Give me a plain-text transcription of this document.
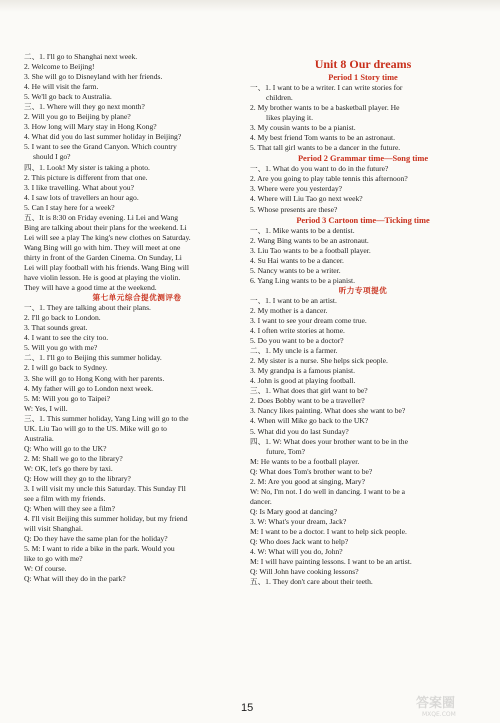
二、1. I'll go to Shanghai next week.
2. Welcome to Beijing!
3. She will go to Disneyland with her friends.
4. He will visit the farm.
5. We'll go back to Australia.
三、1. Where will they go next month?
2. Will you go to Beijing by plane?
3. How long will Mary stay in Hong Kong?
4. What did you do last summer holiday in Beijing?
5. I want to see the Grand Canyon. Which country
should I go?
四、1. Look! My sister is taking a photo.
2. This picture is different from that one.
3. I like travelling. What about you?
4. I saw lots of travellers an hour ago.
5. Can I stay here for a week?
五、It is 8:30 on Friday evening. Li Lei and Wang
Bing are talking about their plans for the weekend. Li
Lei will see a play The king's new clothes on Saturday.
Wang Bing will go with him. They will meet at one
thirty in front of the Garden Cinema. On Sunday, Li
Lei will play football with his friends. Wang Bing will
have violin lesson. He is good at playing the violin.
They will have a good time at the weekend.
第七单元综合提优测评卷
一、1. They are talking about their plans.
2. I'll go back to London.
3. That sounds great.
4. I want to see the city too.
5. Will you go with me?
二、1. I'll go to Beijing this summer holiday.
2. I will go back to Sydney.
3. She will go to Hong Kong with her parents.
4. My father will go to London next week.
5. M: Will you go to Taipei?
W: Yes, I will.
三、1. This summer holiday, Yang Ling will go to the
UK. Liu Tao will go to the US. Mike will go to
Australia.
Q: Who will go to the UK?
2. M: Shall we go to the library?
W: OK, let's go there by taxi.
Q: How will they go to the library?
3. I will visit my uncle this Saturday. This Sunday I'll
see a film with my friends.
Q: When will they see a film?
4. I'll visit Beijing this summer holiday, but my friend
will visit Shanghai.
Q: Do they have the same plan for the holiday?
5. M: I want to ride a bike in the park. Would you
like to go with me?
W: Of course.
Q: What will they do in the park?
Unit 8 Our dreams
Period 1 Story time
一、1. I want to be a writer. I can write stories for
children.
2. My brother wants to be a basketball player. He
likes playing it.
3. My cousin wants to be a pianist.
4. My best friend Tom wants to be an astronaut.
5. That tall girl wants to be a dancer in the future.
Period 2 Grammar time—Song time
一、1. What do you want to do in the future?
2. Are you going to play table tennis this afternoon?
3. Where were you yesterday?
4. Where will Liu Tao go next week?
5. Whose presents are these?
Period 3 Cartoon time—Ticking time
一、1. Mike wants to be a dentist.
2. Wang Bing wants to be an astronaut.
3. Liu Tao wants to be a football player.
4. Su Hai wants to be a dancer.
5. Nancy wants to be a writer.
6. Yang Ling wants to be a pianist.
听力专项提优
一、1. I want to be an artist.
2. My mother is a dancer.
3. I want to see your dream come true.
4. I often write stories at home.
5. Do you want to be a doctor?
二、1. My uncle is a farmer.
2. My sister is a nurse. She helps sick people.
3. My grandpa is a famous pianist.
4. John is good at playing football.
三、1. What does that girl want to be?
2. Does Bobby want to be a traveller?
3. Nancy likes painting. What does she want to be?
4. When will Mike go back to the UK?
5. What did you do last Sunday?
四、1. W: What does your brother want to be in the
future, Tom?
M: He wants to be a football player.
Q: What does Tom's brother want to be?
2. M: Are you good at singing, Mary?
W: No, I'm not. I do well in dancing. I want to be a
dancer.
Q: Is Mary good at dancing?
3. W: What's your dream, Jack?
M: I want to be a doctor. I want to help sick people.
Q: Who does Jack want to help?
4. W: What will you do, John?
M: I will have painting lessons. I want to be an artist.
Q: Will John have cooking lessons?
五、1. They don't care about their teeth.
15	答案圈
MXQE.COM
